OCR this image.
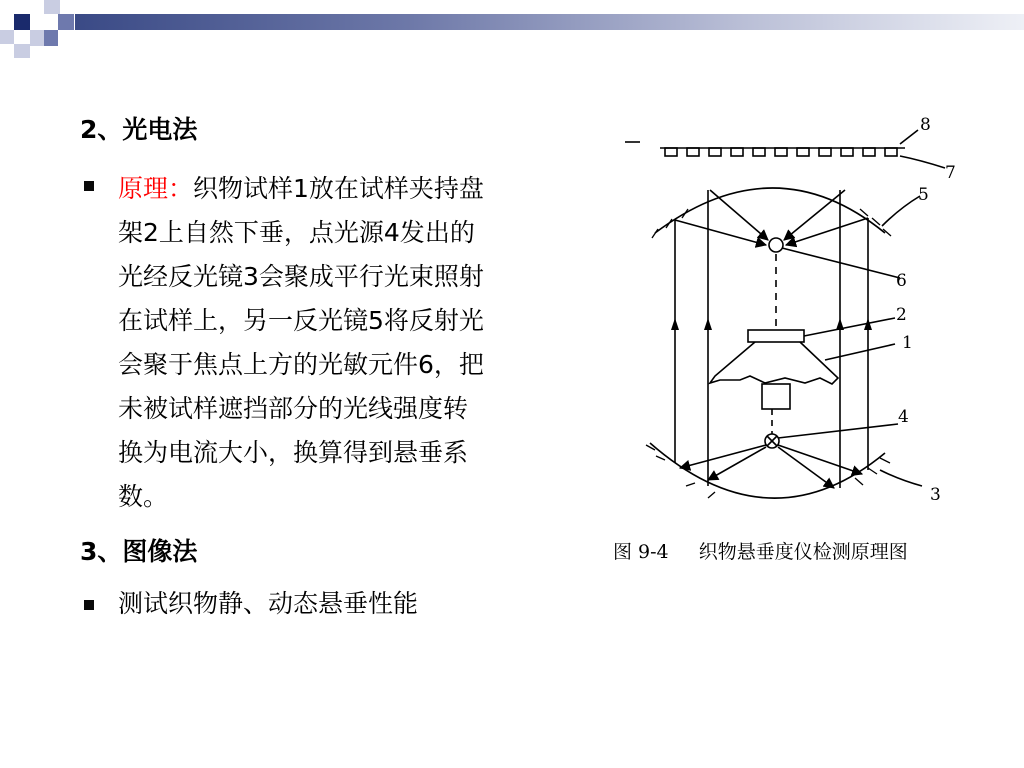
2、光电法
原理：织物试样1放在试样夹持盘
架2上自然下垂，点光源4发出的
光经反光镜3会聚成平行光束照射
在试样上，另一反光镜5将反射光
会聚于焦点上方的光敏元件6，把
未被试样遮挡部分的光线强度转
换为电流大小，换算得到悬垂系
数。
3、图像法
测试织物静、动态悬垂性能
8
7
5
6
2
1
4
3
图 9-4 织物悬垂度仪检测原理图
